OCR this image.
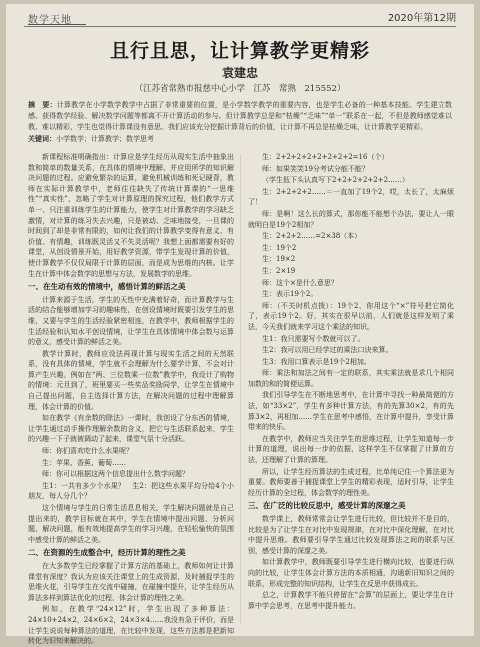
数学天地	2020年第12期
且行且思，让计算教学更精彩
袁建忠
（江苏省常熟市报慈中心小学　江苏　常熟　215552）
摘　要：计算教学在小学数学教学中占据了非常重要的位置，是小学数学教学的重要内容，也是学生必备的一种基本技能。学生建立数感、获得数学经验、解决数学问题等都离不开计算活动的参与。但计算教学总是和“枯燥”“乏味”“单一”联系在一起，不但是教师感觉难以教、难以精彩，学生也觉得计算课没有意思。我们应该充分挖掘计算背后的价值，让计算不再总是枯燥乏味，让计算教学更精彩。
关键词：小学数学；计算教学；数学思考

新课程标准明确指出：计算应是学生经历从现实生活中抽象出数和简单的数量关系，在具体的情境中理解、并应用所学的知识解决问题的过程。应避免繁杂的运算，避免机械训练和死记硬背，教师在实际计算教学中，老师往往缺失了传统计算课的“一思维性”“真实性”，忽略了学生对计算原理的探究过程，他们教学方式单一、只注重训练学生的计算能力，使学生对计算教学的学习缺乏激情，对计算的练习失去兴趣，只是被动、乏味地接受，一旦课的时间到了却是非常有限的，如何让我们的计算教学变得有意义、有价值、有情趣，训练既灵活又不失灵活呢？我想上面都需要有好的课堂，从创设情景开始，用好教学资源，带学生发现计算的价值，使计算教学不仅仅局限于计算的层面，而是成为思维的内核。让学生在计算中体会数学的思想与方法，发展数学的思维。

一、在生动有效的情境中，感悟计算的鲜活之美

计算来源于生活，学生的天性中充满着好奇，而计算教学与生活的结合能够增加学习的趣味性，在创设情境时既要引发学生的思维，又要与学生的生活经验紧密相连，在教学中，教师根据学生的生活经验和认知水平创设情境，让学生在具体情境中体会数与运算的意义，感受计算的鲜活之美。

教学计算时，教师应设法再现计算与现实生活之间的天然联系，没有具体的情境，学生就不会理解为什么要学计算，不会对计算产生兴趣。例如在“两、三位数乘一位数”教学中，我设计了购物的情境：元旦到了，班里要买一些奖品奖励同学，让学生在情境中自己提出问题，自主选择计算方法，在解决问题的过程中理解算理，体会计算的价值。

如在教学《有余数的除法》一课时，我创设了分东西的情境，让学生通过动手操作理解余数的含义，把它与生活联系起来，学生的兴趣一下子就被调动了起来，课堂气氛十分活跃。

师：你们喜欢吃什么水果呢？

生：苹果、香蕉、葡萄……

师：你可以根据这两个信息提出什么数学问题？

生1：一共有多少个水果？　生2：把这些水果平均分给4个小朋友，每人分几个？

这个情境与学生的日常生活息息相关，学生解决问题就是自己提出来的，教学目标就在其中，学生在情境中提出问题、分析问题、解决问题，能有效地提高学生的学习兴趣，在轻松愉快的氛围中感受计算的鲜活之美。

二、在资源的生成整合中，经历计算的理性之美

在大多数学生已经掌握了计算方法的基础上，教师如何让计算课堂有深度？我认为应该关注课堂上的生成资源，及时捕捉学生的思维火花，引导学生在交流中碰撞，在碰撞中提升，让学生经历从算法多样到算法优化的过程，体会计算的理性之美。

例如，在教学“24×12”时，学生出现了多种算法：24×10+24×2，24×6×2，24×3×4……我没有急于评价，而是让学生说说每种算法的道理，在比较中发现，这些方法都是把新知转化为旧知来解决的。

生：2+2+2+2+2+2+2+2=16（个）

师：如果笑笑19分考试分能不能？

（学生低下头认真写下2+2+2+2+2+2……）

生：2+2+2+2……＝一直加了19个2，哎，太长了，太麻烦了！

师：是啊！这么长的算式，那你能不能想个办法，要让人一眼就明白是19个2相加？

生：2+2+2……=2×38（本）

生：19个2

生：19×2

生：2×19

师：这个×是什么意思？

生：表示19个2。

师：（不关时机点拨）：19个2，你用这个“×”符号把它简化了，表示19个2。好，其实在很早以前，人们就是这样发明了乘法，今天我们就来学习这个乘法的知识。

生1：我只需要写个数就可以了。

生2：我可以用已经学过的乘法口诀来算。

生3：我用口算表示是19个2相加。

师：乘法和加法之间有一定的联系，其实乘法就是求几个相同加数的和的简便运算。

我们引导学生在不断地思考中，在计算中寻找一种最简便的方法，如“33×2”，学生有多种计算方法，有的先算30×2，有的先算3×2，再相加……学生在思考中感悟，在计算中提升，享受计算带来的快乐。

在教学中，教师应当关注学生的思维过程，让学生知道每一步计算的道理，说出每一步的依据，这样学生不仅掌握了计算的方法，还理解了计算的算理。

所以，让学生经历算法的生成过程，比单纯记住一个算法更为重要。教师要善于捕捉课堂上学生的精彩表现，适时引导，让学生经历计算的全过程，体会数学的理性美。

三、在广泛的比较反思中，感受计算的深邃之美

数学课上，教师常常会让学生进行比较，但比较并不是目的，比较是为了让学生在对比中发现规律，在对比中深化理解，在对比中提升思维。教师要引导学生通过比较发现算法之间的联系与区别，感受计算的深邃之美。

如计算教学中，教师既要引导学生进行横向比较，也要进行纵向的比较，让学生体会计算方法的本质相通，沟通新旧知识之间的联系，形成完整的知识结构，让学生在反思中获得成长。

总之，计算教学不能只停留在“会算”的层面上，要让学生在计算中学会思考，在思考中提升能力。
